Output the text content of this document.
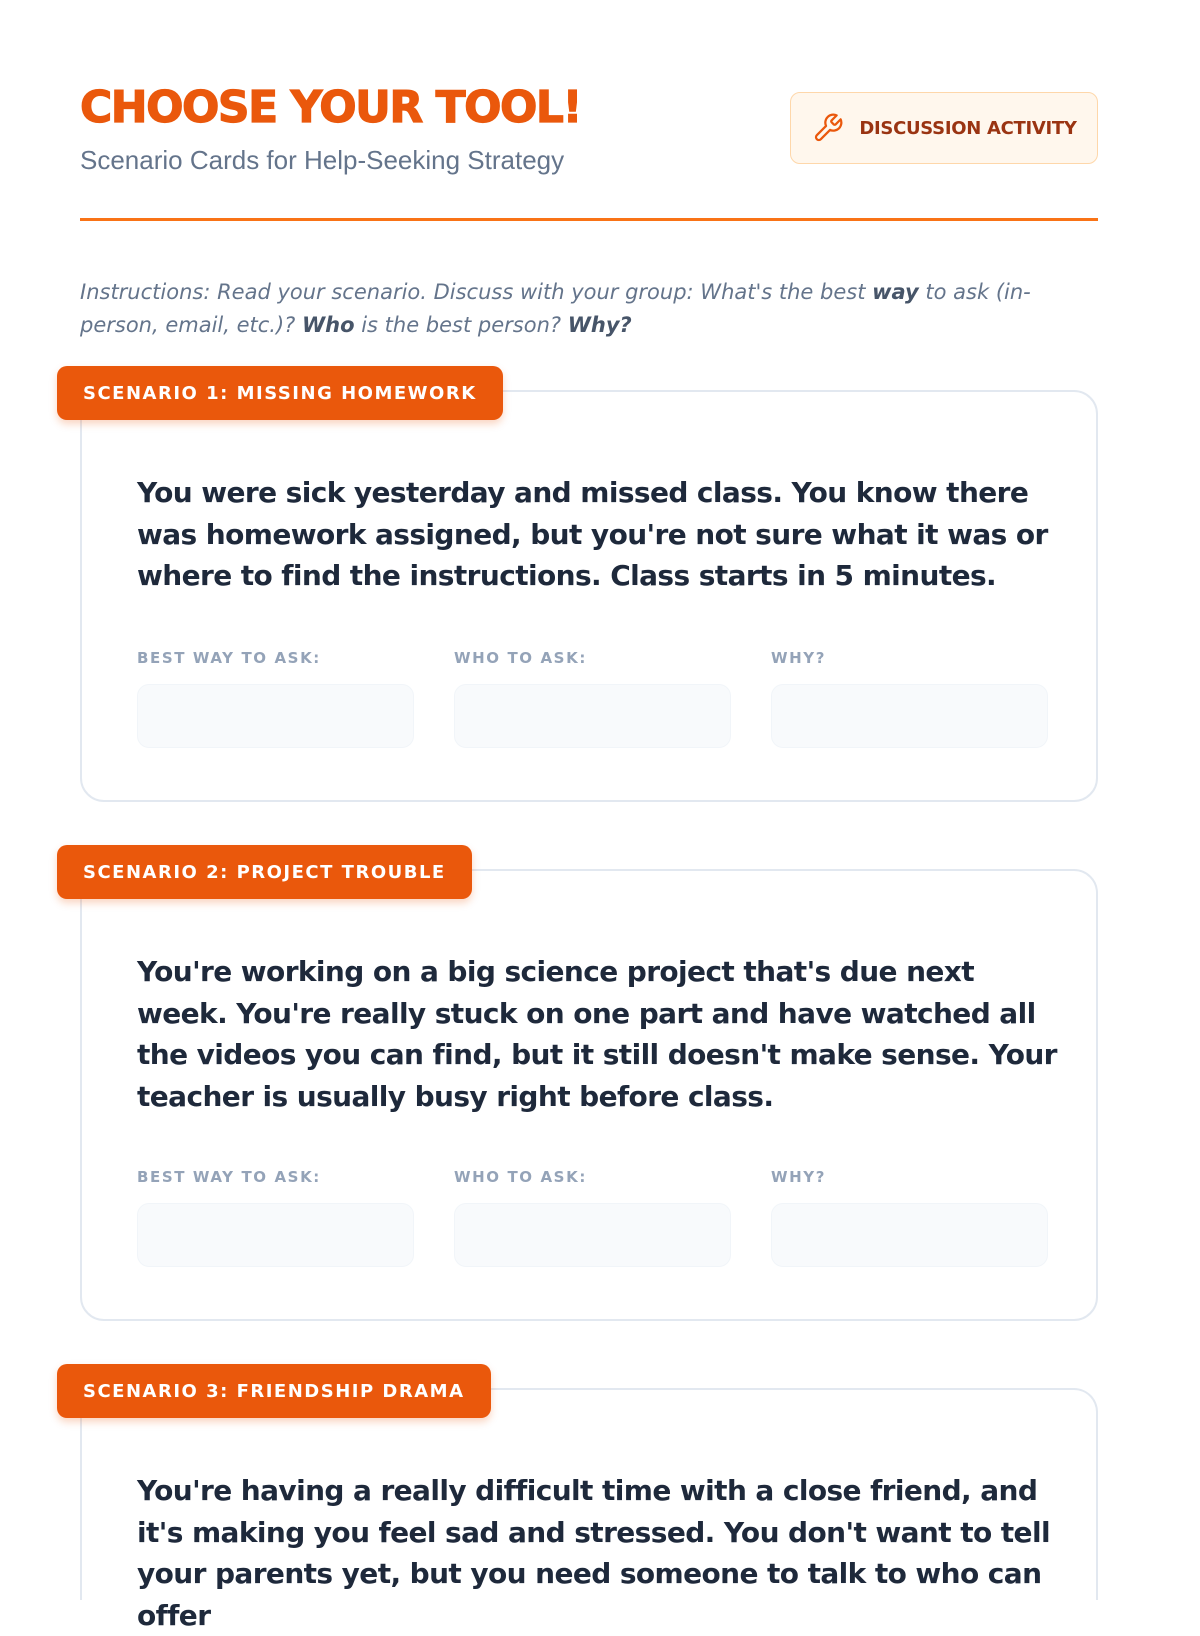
CHOOSE YOUR TOOL!
Scenario Cards for Help-Seeking Strategy
DISCUSSION ACTIVITY
Instructions: Read your scenario. Discuss with your group: What's the best way to ask (in-person, email, etc.)? Who is the best person? Why?
SCENARIO 1: MISSING HOMEWORK
You were sick yesterday and missed class. You know there was homework assigned, but you're not sure what it was or where to find the instructions. Class starts in 5 minutes.
BEST WAY TO ASK:	WHO TO ASK:	WHY?
SCENARIO 2: PROJECT TROUBLE
You're working on a big science project that's due next week. You're really stuck on one part and have watched all the videos you can find, but it still doesn't make sense. Your teacher is usually busy right before class.
BEST WAY TO ASK:	WHO TO ASK:	WHY?
SCENARIO 3: FRIENDSHIP DRAMA
You're having a really difficult time with a close friend, and it's making you feel sad and stressed. You don't want to tell your parents yet, but you need someone to talk to who can offer
